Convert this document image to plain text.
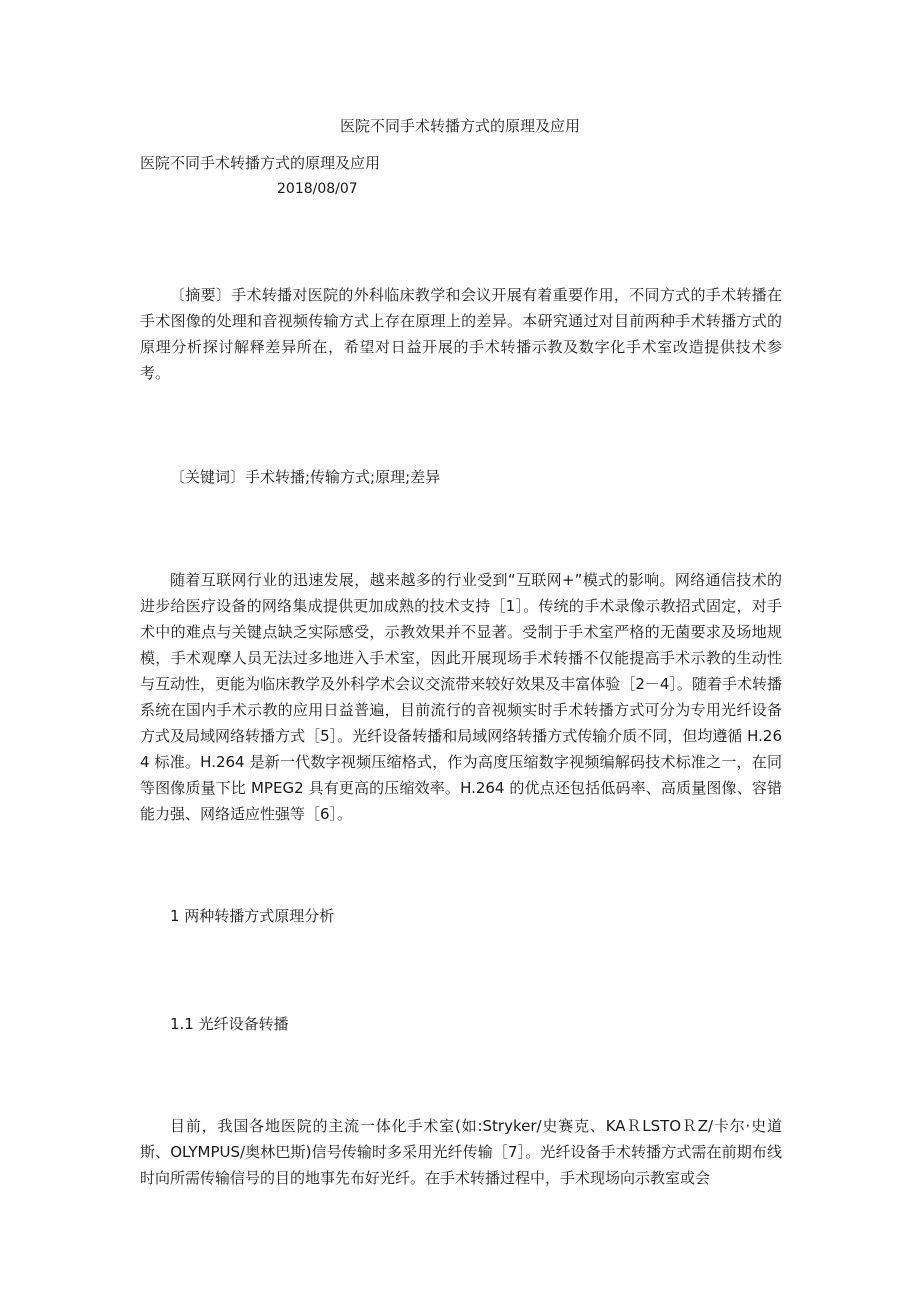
医院不同手术转播方式的原理及应用
医院不同手术转播方式的原理及应用
2018/08/07
〔摘要〕手术转播对医院的外科临床教学和会议开展有着重要作用，不同方式的手术转播在手术图像的处理和音视频传输方式上存在原理上的差异。本研究通过对目前两种手术转播方式的原理分析探讨解释差异所在，希望对日益开展的手术转播示教及数字化手术室改造提供技术参考。
〔关键词〕手术转播;传输方式;原理;差异
随着互联网行业的迅速发展，越来越多的行业受到“互联网+”模式的影响。网络通信技术的进步给医疗设备的网络集成提供更加成熟的技术支持［1］。传统的手术录像示教招式固定，对手术中的难点与关键点缺乏实际感受，示教效果并不显著。受制于手术室严格的无菌要求及场地规模，手术观摩人员无法过多地进入手术室，因此开展现场手术转播不仅能提高手术示教的生动性与互动性，更能为临床教学及外科学术会议交流带来较好效果及丰富体验［2－4］。随着手术转播系统在国内手术示教的应用日益普遍，目前流行的音视频实时手术转播方式可分为专用光纤设备方式及局域网络转播方式［5］。光纤设备转播和局域网络转播方式传输介质不同，但均遵循 H.264 标准。H.264 是新一代数字视频压缩格式，作为高度压缩数字视频编解码技术标准之一，在同等图像质量下比 MPEG2 具有更高的压缩效率。H.264 的优点还包括低码率、高质量图像、容错能力强、网络适应性强等［6］。
1 两种转播方式原理分析
1.1 光纤设备转播
目前，我国各地医院的主流一体化手术室(如:Stryker/史赛克、KAＲLSTOＲZ/卡尔·史道斯、OLYMPUS/奥林巴斯)信号传输时多采用光纤传输［7］。光纤设备手术转播方式需在前期布线时向所需传输信号的目的地事先布好光纤。在手术转播过程中，手术现场向示教室或会
